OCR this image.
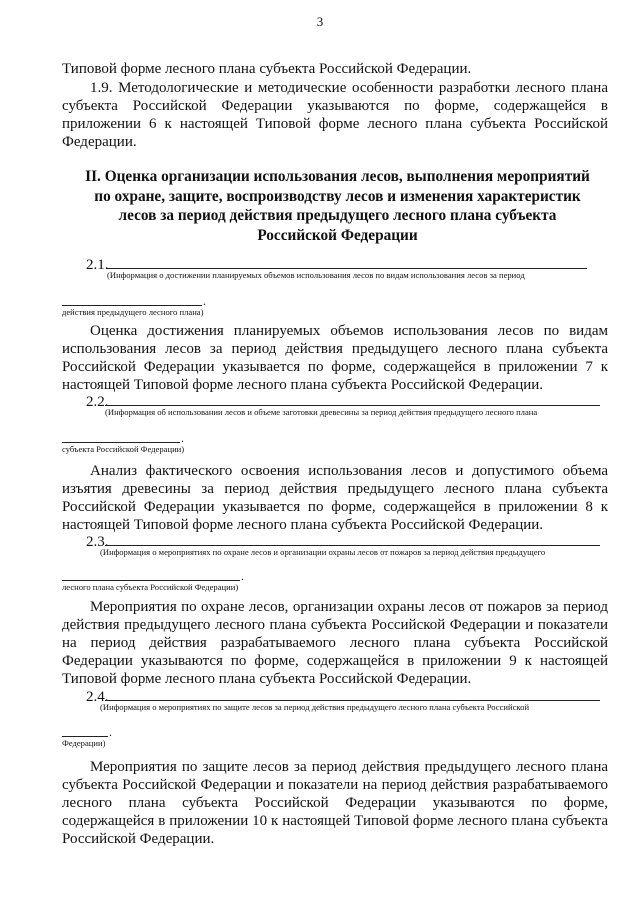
3

Типовой форме лесного плана субъекта Российской Федерации.

1.9. Методологические и методические особенности разработки лесного плана субъекта Российской Федерации указываются по форме, содержащейся в приложении 6 к настоящей Типовой форме лесного плана субъекта Российской Федерации.

II. Оценка организации использования лесов, выполнения мероприятий по охране, защите, воспроизводству лесов и изменения характеристик лесов за период действия предыдущего лесного плана субъекта Российской Федерации

2.1.
(Информация о достижении планируемых объемов использования лесов по видам использования лесов за период
.
действия предыдущего лесного плана)

Оценка достижения планируемых объемов использования лесов по видам использования лесов за период действия предыдущего лесного плана субъекта Российской Федерации указывается по форме, содержащейся в приложении 7 к настоящей Типовой форме лесного плана субъекта Российской Федерации.

2.2.
(Информация об использовании лесов и объеме заготовки древесины за период действия предыдущего лесного плана
.
субъекта Российской Федерации)

Анализ фактического освоения использования лесов и допустимого объема изъятия древесины за период действия предыдущего лесного плана субъекта Российской Федерации указывается по форме, содержащейся в приложении 8 к настоящей Типовой форме лесного плана субъекта Российской Федерации.

2.3.
(Информация о мероприятиях по охране лесов и организации охраны лесов от пожаров за период действия предыдущего
.
лесного плана субъекта Российской Федерации)

Мероприятия по охране лесов, организации охраны лесов от пожаров за период действия предыдущего лесного плана субъекта Российской Федерации и показатели на период действия разрабатываемого лесного плана субъекта Российской Федерации указываются по форме, содержащейся в приложении 9 к настоящей Типовой форме лесного плана субъекта Российской Федерации.

2.4.
(Информация о мероприятиях по защите лесов за период действия предыдущего лесного плана субъекта Российской
.
Федерации)

Мероприятия по защите лесов за период действия предыдущего лесного плана субъекта Российской Федерации и показатели на период действия разрабатываемого лесного плана субъекта Российской Федерации указываются по форме, содержащейся в приложении 10 к настоящей Типовой форме лесного плана субъекта Российской Федерации.
